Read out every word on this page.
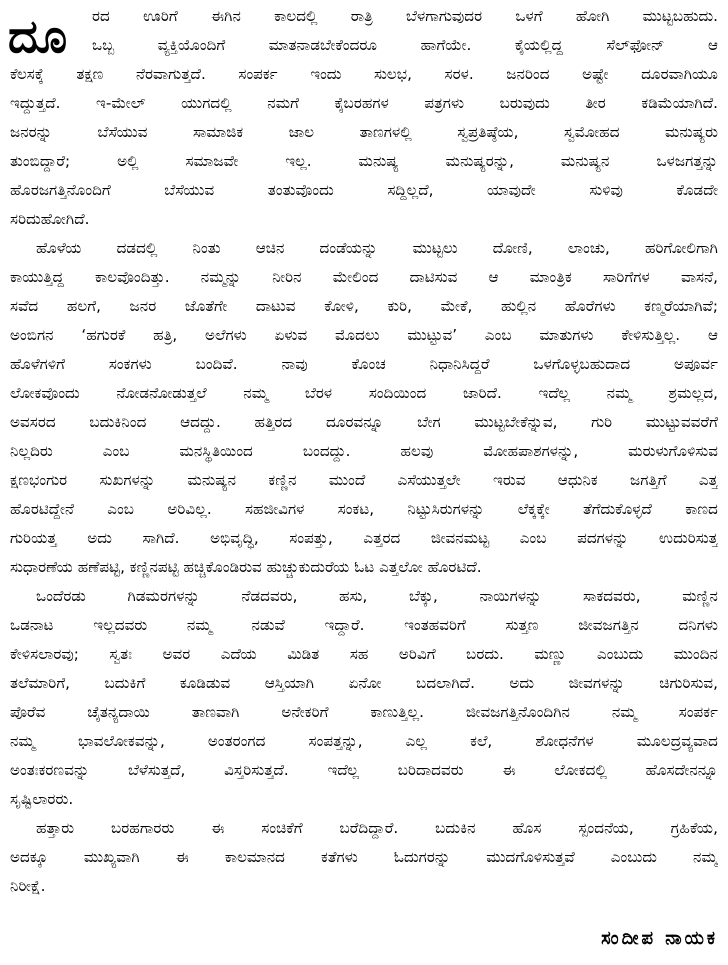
ದೂ ರದ ಊರಿಗೆ ಈಗಿನ ಕಾಲದಲ್ಲಿ ರಾತ್ರಿ ಬೆಳಗಾಗುವುದರ ಒಳಗೆ ಹೋಗಿ ಮುಟ್ಟಬಹುದು.
ಒಬ್ಬ ವ್ಯಕ್ತಿಯೊಂದಿಗೆ ಮಾತನಾಡಬೇಕೆಂದರೂ ಹಾಗೆಯೇ. ಕೈಯಲ್ಲಿದ್ದ ಸೆಲ್‌ಫೋನ್ ಆ
ಕೆಲಸಕ್ಕೆ ತಕ್ಷಣ ನೆರವಾಗುತ್ತದೆ. ಸಂಪರ್ಕ ಇಂದು ಸುಲಭ, ಸರಳ. ಜನರಿಂದ ಅಷ್ಟೇ ದೂರವಾಗಿಯೂ
ಇದ್ದುತ್ತದೆ. ಇ-ಮೇಲ್ ಯುಗದಲ್ಲಿ ನಮಗೆ ಕೈಬರಹಗಳ ಪತ್ರಗಳು ಬರುವುದು ತೀರ ಕಡಿಮೆಯಾಗಿದೆ.
ಜನರನ್ನು ಬೆಸೆಯುವ ಸಾಮಾಜಿಕ ಜಾಲ ತಾಣಗಳಲ್ಲಿ ಸ್ವಪ್ರತಿಷ್ಠೆಯ, ಸ್ವಮೋಹದ ಮನುಷ್ಯರು
ತುಂಬಿದ್ದಾರೆ; ಅಲ್ಲಿ ಸಮಾಜವೇ ಇಲ್ಲ. ಮನುಷ್ಯ ಮನುಷ್ಯರನ್ನು, ಮನುಷ್ಯನ ಒಳಜಗತ್ತನ್ನು
ಹೊರಜಗತ್ತಿನೊಂದಿಗೆ ಬೆಸೆಯುವ ತಂತುವೊಂದು ಸದ್ದಿಲ್ಲದೆ, ಯಾವುದೇ ಸುಳಿವು ಕೊಡದೇ
ಸರಿದುಹೋಗಿದೆ.
ಹೊಳೆಯ ದಡದಲ್ಲಿ ನಿಂತು ಆಚಿನ ದಂಡೆಯನ್ನು ಮುಟ್ಟಲು ದೋಣಿ, ಲಾಂಚು, ಹರಿಗೋಲಿಗಾಗಿ
ಕಾಯುತ್ತಿದ್ದ ಕಾಲವೊಂದಿತ್ತು. ನಮ್ಮನ್ನು ನೀರಿನ ಮೇಲಿಂದ ದಾಟಿಸುವ ಆ ಮಾಂತ್ರಿಕ ಸಾರಿಗೆಗಳ ವಾಸನೆ,
ಸವೆದ ಹಲಗೆ, ಜನರ ಜೊತೆಗೇ ದಾಟುವ ಕೋಳಿ, ಕುರಿ, ಮೇಕೆ, ಹುಲ್ಲಿನ ಹೊರೆಗಳು ಕಣ್ಮರೆಯಾಗಿವೆ;
ಅಂಬಿಗನ ‘ಹಗುರಕೆ ಹತ್ರಿ, ಅಲೆಗಳು ಏಳುವ ಮೊದಲು ಮುಟ್ಟುವ’ ಎಂಬ ಮಾತುಗಳು ಕೇಳಿಸುತ್ತಿಲ್ಲ. ಆ
ಹೊಳೆಗಳಿಗೆ ಸಂಕಗಳು ಬಂದಿವೆ. ನಾವು ಕೊಂಚ ನಿಧಾನಿಸಿದ್ದರೆ ಒಳಗೊಳ್ಳಬಹುದಾದ ಅಪೂರ್ವ
ಲೋಕವೊಂದು ನೋಡನೋಡುತ್ತಲೆ ನಮ್ಮ ಬೆರಳ ಸಂದಿಯಿಂದ ಜಾರಿದೆ. ಇದೆಲ್ಲ ನಮ್ಮ ಶ್ರಮಲ್ಲದ,
ಅವಸರದ ಬದುಕಿನಿಂದ ಆದದ್ದು. ಹತ್ತಿರದ ದೂರವನ್ನೂ ಬೇಗ ಮುಟ್ಟಬೇಕೆನ್ನುವ, ಗುರಿ ಮುಟ್ಟುವವರೆಗೆ
ನಿಲ್ಲದಿರು ಎಂಬ ಮನಸ್ಥಿತಿಯಿಂದ ಬಂದದ್ದು. ಹಲವು ಮೋಹಪಾಶಗಳನ್ನು, ಮರುಳುಗೊಳಿಸುವ
ಕ್ಷಣಭಂಗುರ ಸುಖಗಳನ್ನು ಮನುಷ್ಯನ ಕಣ್ಣಿನ ಮುಂದೆ ಎಸೆಯುತ್ತಲೇ ಇರುವ ಆಧುನಿಕ ಜಗತ್ತಿಗೆ ಎತ್ತ
ಹೊರಟಿದ್ದೇನೆ ಎಂಬ ಅರಿವಿಲ್ಲ. ಸಹಜೀವಿಗಳ ಸಂಕಟ, ನಿಟ್ಟುಸಿರುಗಳನ್ನು ಲೆಕ್ಕಕ್ಕೇ ತೆಗೆದುಕೊಳ್ಳದೆ ಕಾಣದ
ಗುರಿಯತ್ತ ಅದು ಸಾಗಿದೆ. ಅಭಿವೃದ್ಧಿ, ಸಂಪತ್ತು, ಎತ್ತರದ ಜೀವನಮಟ್ಟ ಎಂಬ ಪದಗಳನ್ನು ಉದುರಿಸುತ್ತ
ಸುಧಾರಣೆಯ ಹಣೆಪಟ್ಟಿ, ಕಣ್ಣಿನಪಟ್ಟಿ ಹಚ್ಚಿಕೊಂಡಿರುವ ಹುಚ್ಚುಕುದುರೆಯ ಓಟ ಎತ್ತಲೋ ಹೊರಟಿದೆ.
ಒಂದೆರಡು ಗಿಡಮರಗಳನ್ನು ನೆಡದವರು, ಹಸು, ಬೆಕ್ಕು, ನಾಯಿಗಳನ್ನು ಸಾಕದವರು, ಮಣ್ಣಿನ
ಒಡನಾಟ ಇಲ್ಲದವರು ನಮ್ಮ ನಡುವೆ ಇದ್ದಾರೆ. ಇಂತಹವರಿಗೆ ಸುತ್ತಣ ಜೀವಜಗತ್ತಿನ ದನಿಗಳು
ಕೇಳಿಸಲಾರವು; ಸ್ವತಃ ಅವರ ಎದೆಯ ಮಿಡಿತ ಸಹ ಅರಿವಿಗೆ ಬರದು. ಮಣ್ಣು ಎಂಬುದು ಮುಂದಿನ
ತಲೆಮಾರಿಗೆ, ಬದುಕಿಗೆ ಕೂಡಿಡುವ ಆಸ್ತಿಯಾಗಿ ಏನೋ ಬದಲಾಗಿದೆ. ಅದು ಜೀವಗಳನ್ನು ಚಿಗುರಿಸುವ,
ಪೊರೆವ ಚೈತನ್ಯದಾಯಿ ತಾಣವಾಗಿ ಅನೇಕರಿಗೆ ಕಾಣುತ್ತಿಲ್ಲ. ಜೀವಜಗತ್ತಿನೊಂದಿಗಿನ ನಮ್ಮ ಸಂಪರ್ಕ
ನಮ್ಮ ಭಾವಲೋಕವನ್ನು, ಅಂತರಂಗದ ಸಂಪತ್ತನ್ನು, ಎಲ್ಲ ಕಲೆ, ಶೋಧನೆಗಳ ಮೂಲದ್ರವ್ಯವಾದ
ಅಂತಃಕರಣವನ್ನು ಬೆಳೆಸುತ್ತದೆ, ವಿಸ್ತರಿಸುತ್ತದೆ. ಇದೆಲ್ಲ ಬರಿದಾದವರು ಈ ಲೋಕದಲ್ಲಿ ಹೊಸದೇನನ್ನೂ
ಸೃಷ್ಟಿಲಾರರು.
ಹತ್ತಾರು ಬರಹಗಾರರು ಈ ಸಂಚಿಕೆಗೆ ಬರೆದಿದ್ದಾರೆ. ಬದುಕಿನ ಹೊಸ ಸ್ಪಂದನೆಯ, ಗ್ರಹಿಕೆಯ,
ಅದಕ್ಕೂ ಮುಖ್ಯವಾಗಿ ಈ ಕಾಲಮಾನದ ಕತೆಗಳು ಓದುಗರನ್ನು ಮುದಗೊಳಿಸುತ್ತವೆ ಎಂಬುದು ನಮ್ಮ
ನಿರೀಕ್ಷೆ.
ಸಂದೀಪ ನಾಯಕ
